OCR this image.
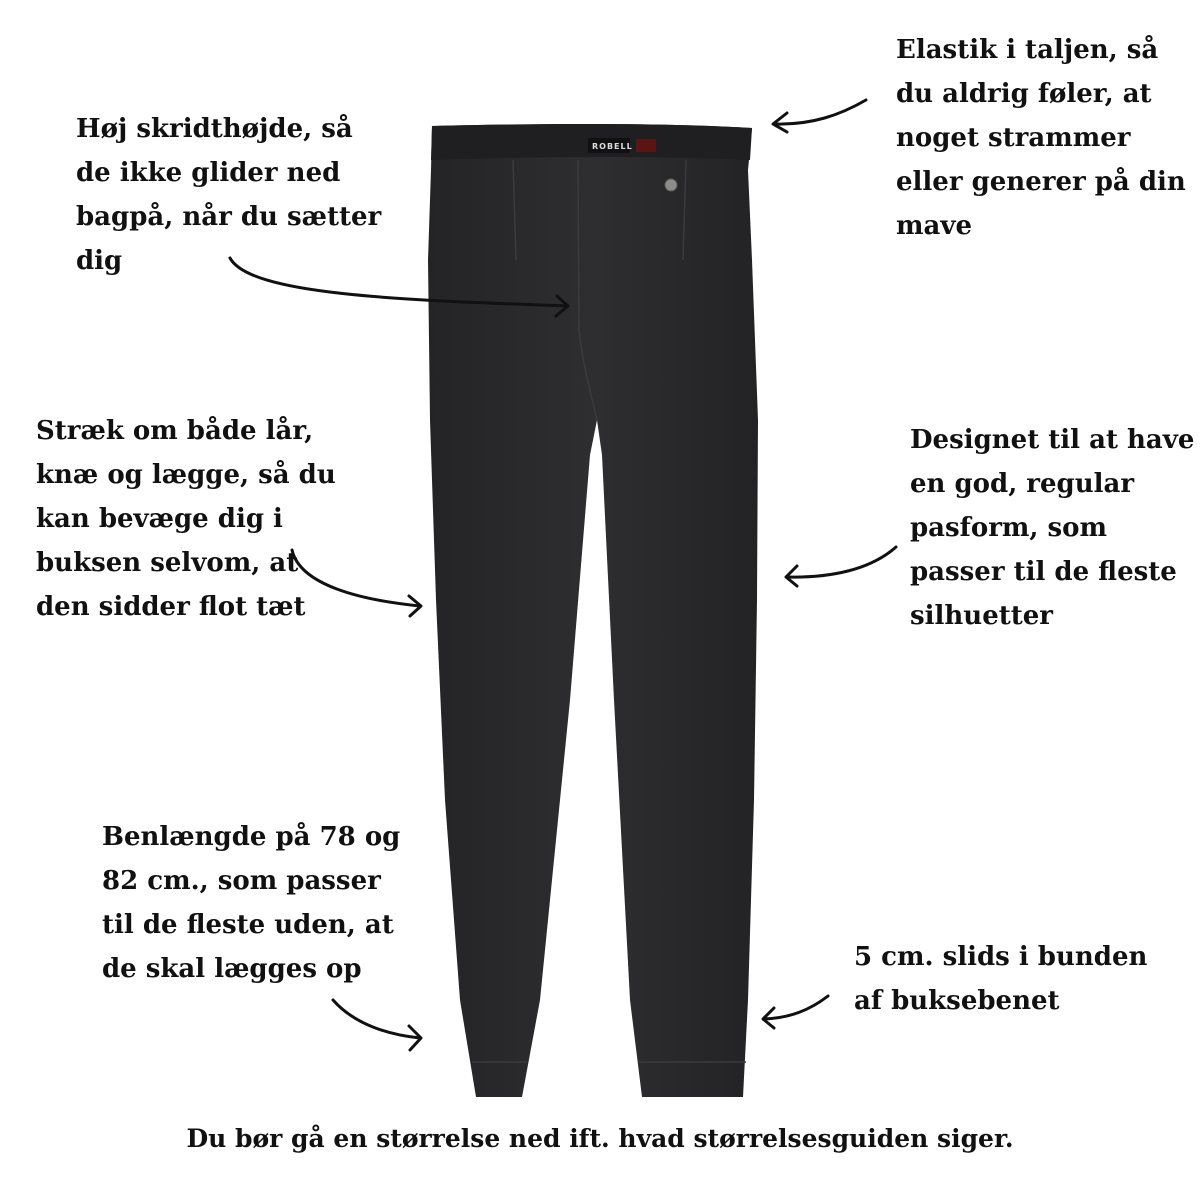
ROBELL
Elastik i taljen, så
du aldrig føler, at
noget strammer
eller generer på din
mave
Høj skridthøjde, så
de ikke glider ned
bagpå, når du sætter
dig
Stræk om både lår,
knæ og lægge, så du
kan bevæge dig i
buksen selvom, at
den sidder flot tæt
Designet til at have
en god, regular
pasform, som
passer til de fleste
silhuetter
Benlængde på 78 og
82 cm., som passer
til de fleste uden, at
de skal lægges op	5 cm. slids i bunden
af buksebenet

Du bør gå en størrelse ned ift. hvad størrelsesguiden siger.
